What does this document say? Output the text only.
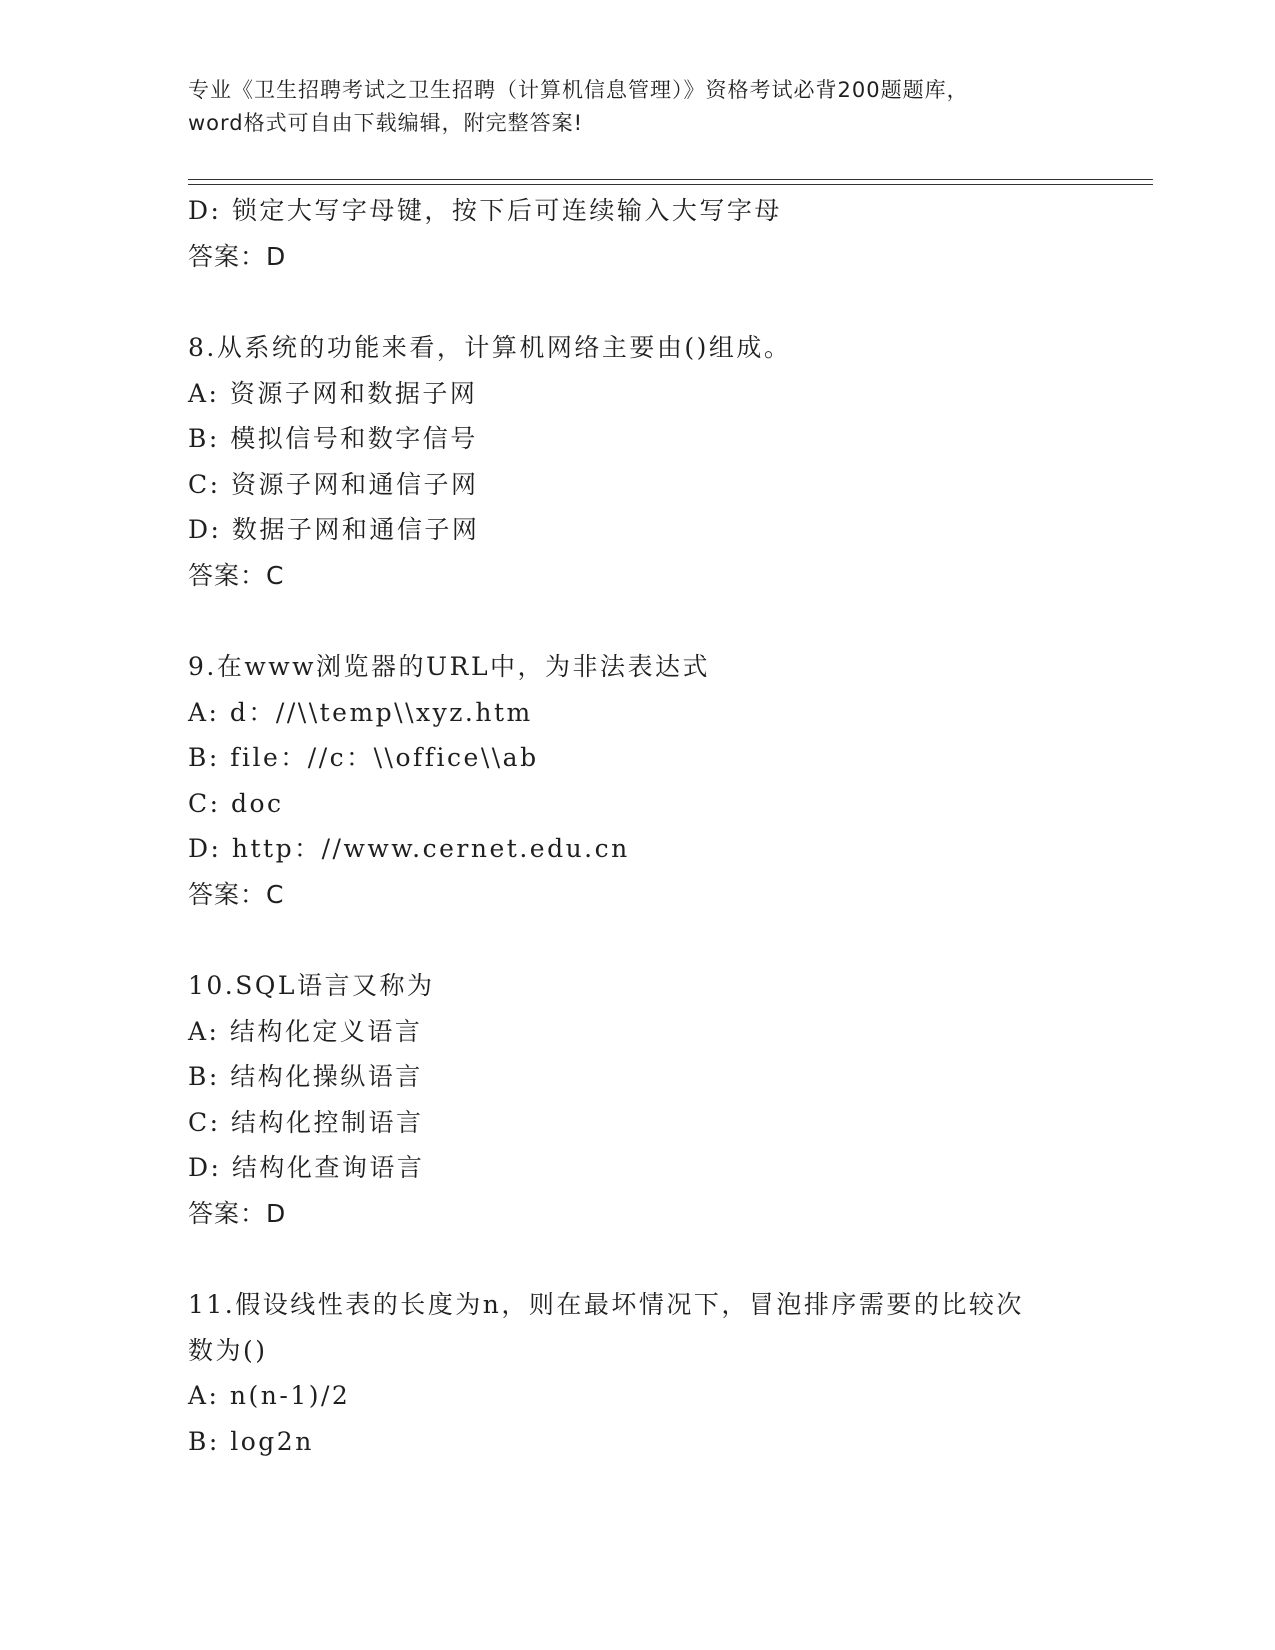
专业《卫生招聘考试之卫生招聘（计算机信息管理）》资格考试必背200题题库，
word格式可自由下载编辑，附完整答案!
D: 锁定大写字母键，按下后可连续输入大写字母
答案：D
8.从系统的功能来看，计算机网络主要由()组成。
A: 资源子网和数据子网
B: 模拟信号和数字信号
C: 资源子网和通信子网
D: 数据子网和通信子网
答案：C
9.在www浏览器的URL中，为非法表达式
A: d：//\\temp\\xyz.htm
B: file：//c：\\office\\ab
C: doc
D: http：//www.cernet.edu.cn
答案：C
10.SQL语言又称为
A: 结构化定义语言
B: 结构化操纵语言
C: 结构化控制语言
D: 结构化查询语言
答案：D
11.假设线性表的长度为n，则在最坏情况下，冒泡排序需要的比较次
数为()
A: n(n-1)/2
B: log2n
